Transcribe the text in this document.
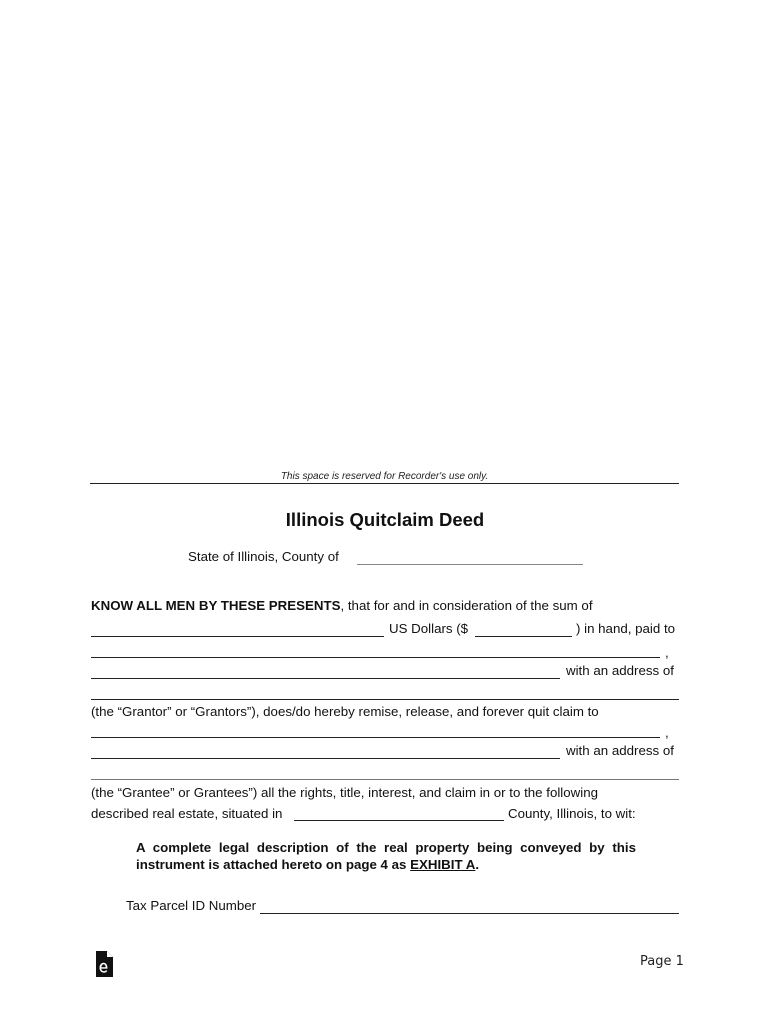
This space is reserved for Recorder's use only.
Illinois Quitclaim Deed
State of Illinois, County of
KNOW ALL MEN BY THESE PRESENTS, that for and in consideration of the sum of
US Dollars ($	) in hand, paid to
,
with an address of
(the “Grantor” or “Grantors”), does/do hereby remise, release, and forever quit claim to
,
with an address of
(the “Grantee” or Grantees”) all the rights, title, interest, and claim in or to the following
described real estate, situated in	County, Illinois, to wit:
A complete legal description of the real property being conveyed by this
instrument is attached hereto on page 4 as EXHIBIT A.
Tax Parcel ID Number
Page 1
